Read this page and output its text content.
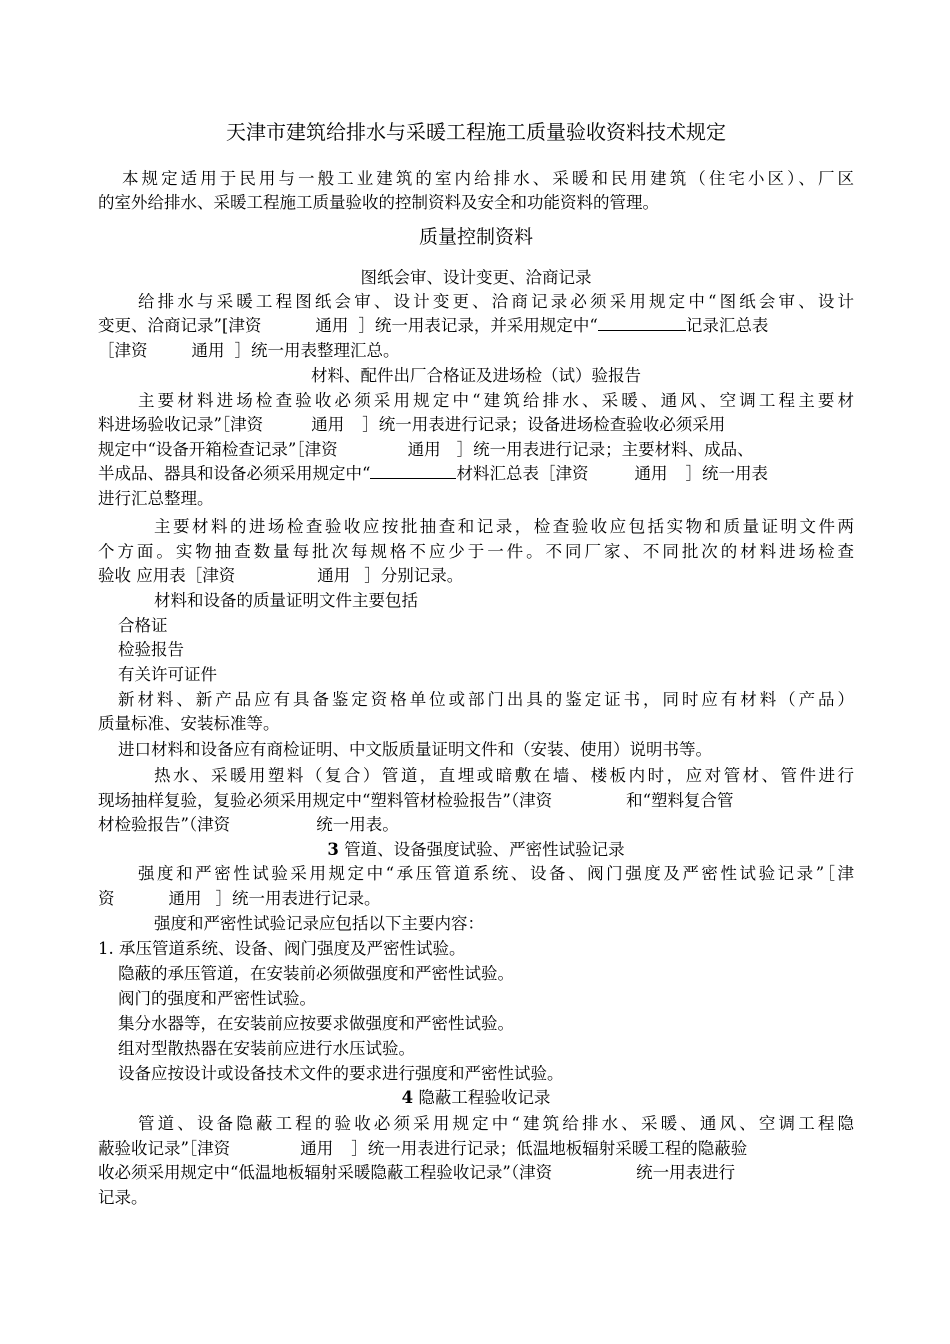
天津市建筑给排水与采暖工程施工质量验收资料技术规定
本规定适用于民用与一般工业建筑的室内给排水、采暖和民用建筑（住宅小区）、厂区
的室外给排水、采暖工程施工质量验收的控制资料及安全和功能资料的管理。
质量控制资料
图纸会审、设计变更、洽商记录
给排水与采暖工程图纸会审、设计变更、洽商记录必须采用规定中“图纸会审、设计
变更、洽商记录”[津资	通用 ］统一用表记录，并采用规定中“	记录汇总表
［津资	通用 ］统一用表整理汇总。
材料、配件出厂合格证及进场检（试）验报告
主要材料进场检查验收必须采用规定中“建筑给排水、采暖、通风、空调工程主要材
料进场验收记录”［津资	通用 ］统一用表进行记录；设备进场检查验收必须采用
规定中“设备开箱检查记录”［津资	通用 ］统一用表进行记录；主要材料、成品、
半成品、器具和设备必须采用规定中“	材料汇总表［津资	通用 ］统一用表
进行汇总整理。
主要材料的进场检查验收应按批抽查和记录，检查验收应包括实物和质量证明文件两
个方面。实物抽查数量每批次每规格不应少于一件。不同厂家、不同批次的材料进场检查
验收 应用表［津资	通用 ］分别记录。
材料和设备的质量证明文件主要包括
合格证
检验报告
有关许可证件
新材料、新产品应有具备鉴定资格单位或部门出具的鉴定证书，同时应有材料（产品）
质量标准、安装标准等。
进口材料和设备应有商检证明、中文版质量证明文件和（安装、使用）说明书等。
热水、采暖用塑料（复合）管道，直埋或暗敷在墙、楼板内时，应对管材、管件进行
现场抽样复验，复验必须采用规定中“塑料管材检验报告”（津资	和“塑料复合管
材检验报告”（津资	统一用表。
3 管道、设备强度试验、严密性试验记录
强度和严密性试验采用规定中“承压管道系统、设备、阀门强度及严密性试验记录”［津
资	通用 ］统一用表进行记录。
强度和严密性试验记录应包括以下主要内容：
1. 承压管道系统、设备、阀门强度及严密性试验。
隐蔽的承压管道，在安装前必须做强度和严密性试验。
阀门的强度和严密性试验。
集分水器等，在安装前应按要求做强度和严密性试验。
组对型散热器在安装前应进行水压试验。
设备应按设计或设备技术文件的要求进行强度和严密性试验。
4 隐蔽工程验收记录
管道、设备隐蔽工程的验收必须采用规定中“建筑给排水、采暖、通风、空调工程隐
蔽验收记录”［津资	通用 ］统一用表进行记录；低温地板辐射采暖工程的隐蔽验
收必须采用规定中“低温地板辐射采暖隐蔽工程验收记录”（津资	统一用表进行
记录。
